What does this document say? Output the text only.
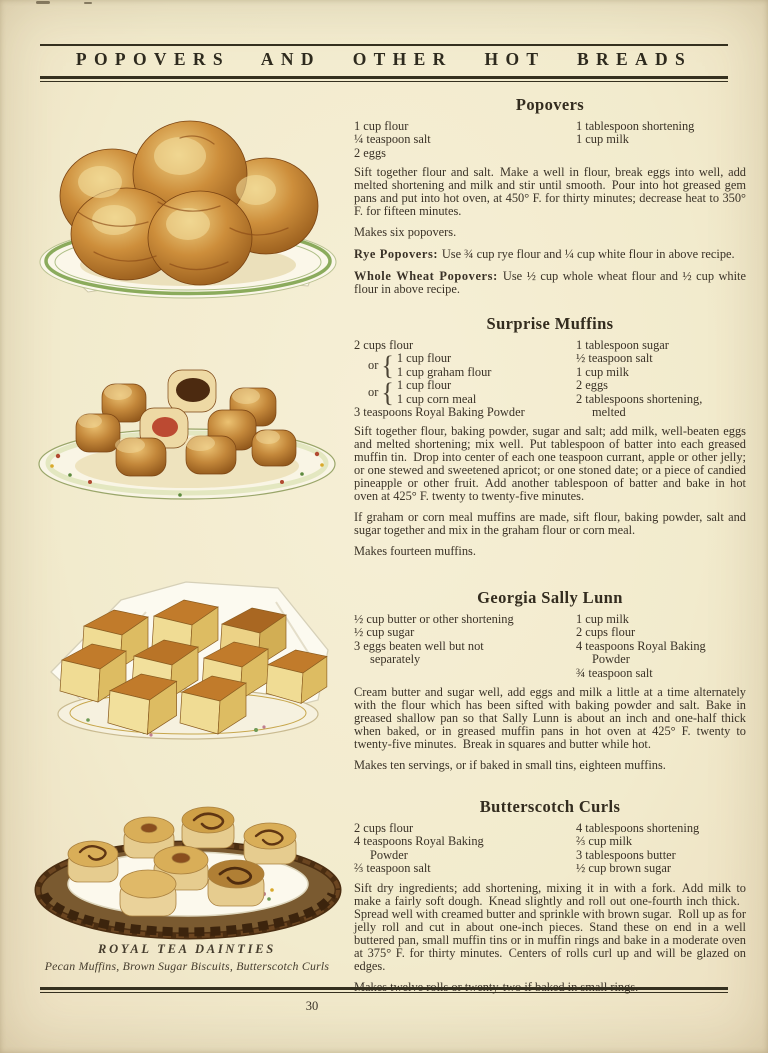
POPOVERS AND OTHER HOT BREADS
ROYAL TEA DAINTIES
Pecan Muffins, Brown Sugar Biscuits, Butterscotch Curls
Popovers
1 cup flour
¼ teaspoon salt
2 eggs
1 tablespoon shortening
1 cup milk

Sift together flour and salt. Make a well in flour, break eggs into well, add melted shortening and milk and stir until smooth. Pour into hot greased gem pans and put into hot oven, at 450° F. for thirty minutes; decrease heat to 350° F. for fifteen minutes.

Makes six popovers.

Rye Popovers: Use ¾ cup rye flour and ¼ cup white flour in above recipe.

Whole Wheat Popovers: Use ½ cup whole wheat flour and ½ cup white flour in above recipe.

Surprise Muffins
2 cups flour
or { 1 cup flour
1 cup graham flour
or { 1 cup flour
1 cup corn meal
3 teaspoons Royal Baking Powder
1 tablespoon sugar
½ teaspoon salt
1 cup milk
2 eggs
2 tablespoons shortening,
melted

Sift together flour, baking powder, sugar and salt; add milk, well-beaten eggs and melted shortening; mix well. Put tablespoon of batter into each greased muffin tin. Drop into center of each one teaspoon currant, apple or other jelly; or one stewed and sweetened apricot; or one stoned date; or a piece of candied pineapple or other fruit. Add another tablespoon of batter and bake in hot oven at 425° F. twenty to twenty-five minutes.

If graham or corn meal muffins are made, sift flour, baking powder, salt and sugar together and mix in the graham flour or corn meal.

Makes fourteen muffins.

Georgia Sally Lunn
½ cup butter or other shortening
½ cup sugar
3 eggs beaten well but not
separately
1 cup milk
2 cups flour
4 teaspoons Royal Baking
Powder
¾ teaspoon salt

Cream butter and sugar well, add eggs and milk a little at a time alternately with the flour which has been sifted with baking powder and salt. Bake in greased shallow pan so that Sally Lunn is about an inch and one-half thick when baked, or in greased muffin pans in hot oven at 425° F. twenty to twenty-five minutes. Break in squares and butter while hot.

Makes ten servings, or if baked in small tins, eighteen muffins.

Butterscotch Curls
2 cups flour
4 teaspoons Royal Baking
Powder
⅔ teaspoon salt
4 tablespoons shortening
⅔ cup milk
3 tablespoons butter
½ cup brown sugar

Sift dry ingredients; add shortening, mixing it in with a fork. Add milk to make a fairly soft dough. Knead slightly and roll out one-fourth inch thick. Spread well with creamed butter and sprinkle with brown sugar. Roll up as for jelly roll and cut in about one-inch pieces. Stand these on end in a well buttered pan, small muffin tins or in muffin rings and bake in a moderate oven at 375° F. for thirty minutes. Centers of rolls curl up and will be glazed on edges.

30
